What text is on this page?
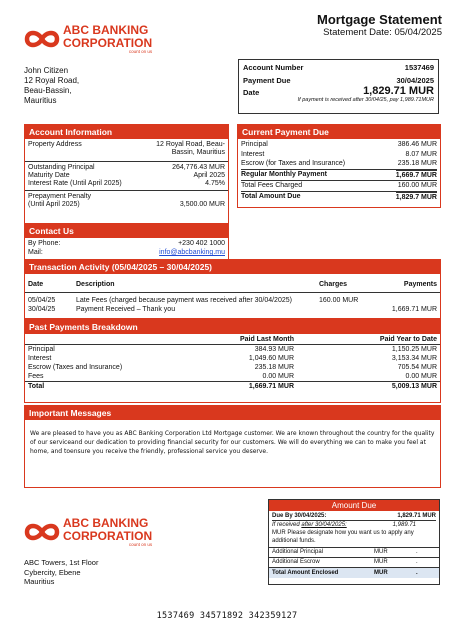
Mortgage Statement
Statement Date: 05/04/2025
ABC BANKING
CORPORATION
count on us
John Citizen
12 Royal Road,
Beau-Bassin,
Mauritius
Account Number	1537469
Payment Due	30/04/2025
Date	1,829.71 MUR
If payment is received after 30/04/25, pay 1,989.71MUR
Account Information
Property Address	12 Royal Road, Beau-Bassin, Mauritius
Outstanding Principal	264,776.43 MUR
Maturity Date	April 2025
Interest Rate (Until April 2025)	4.75%
Prepayment Penalty
(Until April 2025)	3,500.00 MUR
Contact Us
By Phone:	+230 402 1000
Mail:	info@abcbanking.mu
Current Payment Due
Principal	386.46 MUR
Interest	8.07 MUR
Escrow (for Taxes and Insurance)	235.18 MUR
Regular Monthly Payment	1,669.7 MUR
Total Fees Charged	160.00 MUR
Total Amount Due	1,829.7 MUR
Transaction Activity (05/04/2025 – 30/04/2025)
Date	Description	Charges	Payments
05/04/25	Late Fees (charged because payment was received after 30/04/2025)	160.00 MUR	
30/04/25	Payment Received – Thank you		1,669.71 MUR
Past Payments Breakdown
	Paid Last Month	Paid Year to Date
Principal	384.93 MUR	1,150.25 MUR
Interest	1,049.60 MUR	3,153.34 MUR
Escrow (Taxes and Insurance)	235.18 MUR	705.54 MUR
Fees	0.00 MUR	0.00 MUR
Total	1,669.71 MUR	5,009.13 MUR
Important Messages
We are pleased to have you as ABC Banking Corporation Ltd Mortgage customer. We are known throughout the country for the quality of our serviceand our dedication to providing financial security for our customers. We will do everything we can to make you feel at home, and toensure you receive the friendly, professional service you deserve.
ABC BANKING
CORPORATION
count on us
ABC Towers, 1st Floor
Cybercity, Ebene
Mauritius
Amount Due
Due By 30/04/2025:	1,829.71 MUR
If received after 30/04/2025:	1,989.71
MUR Please designate how you want us to apply any additional funds.
Additional Principal	MUR	.
Additional Escrow	MUR	.
Total Amount Enclosed	MUR	.
1537469 34571892 342359127
